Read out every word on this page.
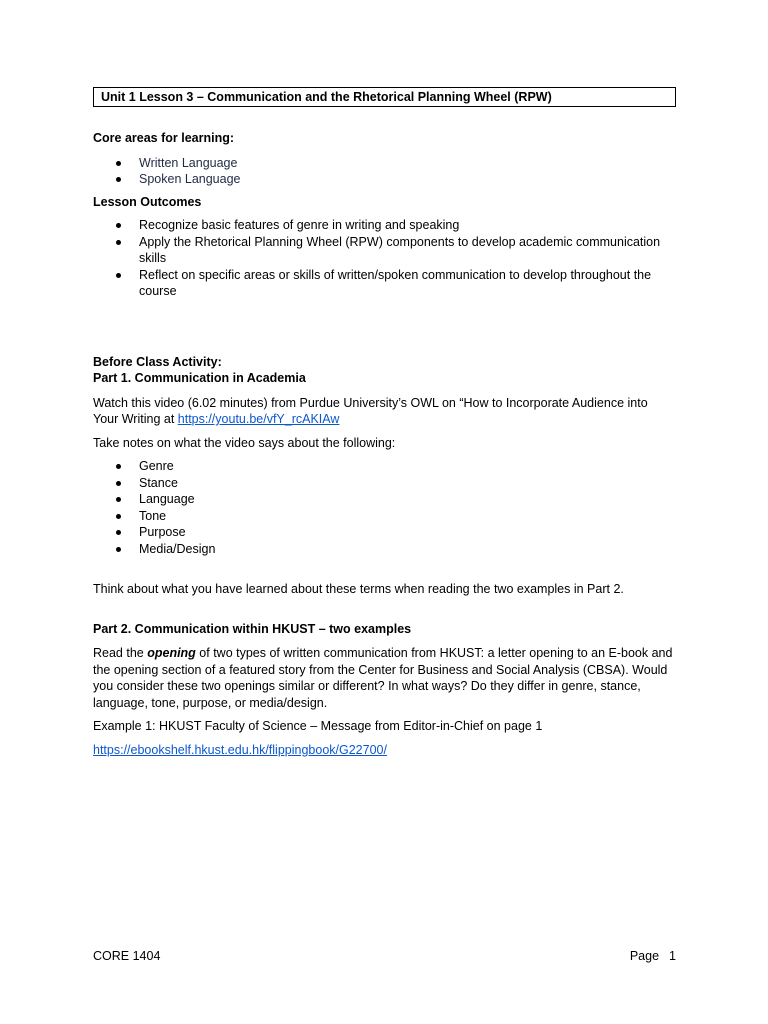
Unit 1 Lesson 3 – Communication and the Rhetorical Planning Wheel (RPW)
Core areas for learning:
Written Language
Spoken Language
Lesson Outcomes
Recognize basic features of genre in writing and speaking
Apply the Rhetorical Planning Wheel (RPW) components to develop academic communication skills
Reflect on specific areas or skills of written/spoken communication to develop throughout the course
Before Class Activity:
Part 1. Communication in Academia

Watch this video (6.02 minutes) from Purdue University’s OWL on “How to Incorporate Audience into Your Writing at https://youtu.be/vfY_rcAKIAw

Take notes on what the video says about the following:

Genre
Stance
Language
Tone
Purpose
Media/Design

Think about what you have learned about these terms when reading the two examples in Part 2.

Part 2. Communication within HKUST – two examples

Read the opening of two types of written communication from HKUST: a letter opening to an E-book and the opening section of a featured story from the Center for Business and Social Analysis (CBSA). Would you consider these two openings similar or different? In what ways? Do they differ in genre, stance, language, tone, purpose, or media/design.

Example 1: HKUST Faculty of Science – Message from Editor-in-Chief on page 1

https://ebookshelf.hkust.edu.hk/flippingbook/G22700/

CORE 1404	Page 1
